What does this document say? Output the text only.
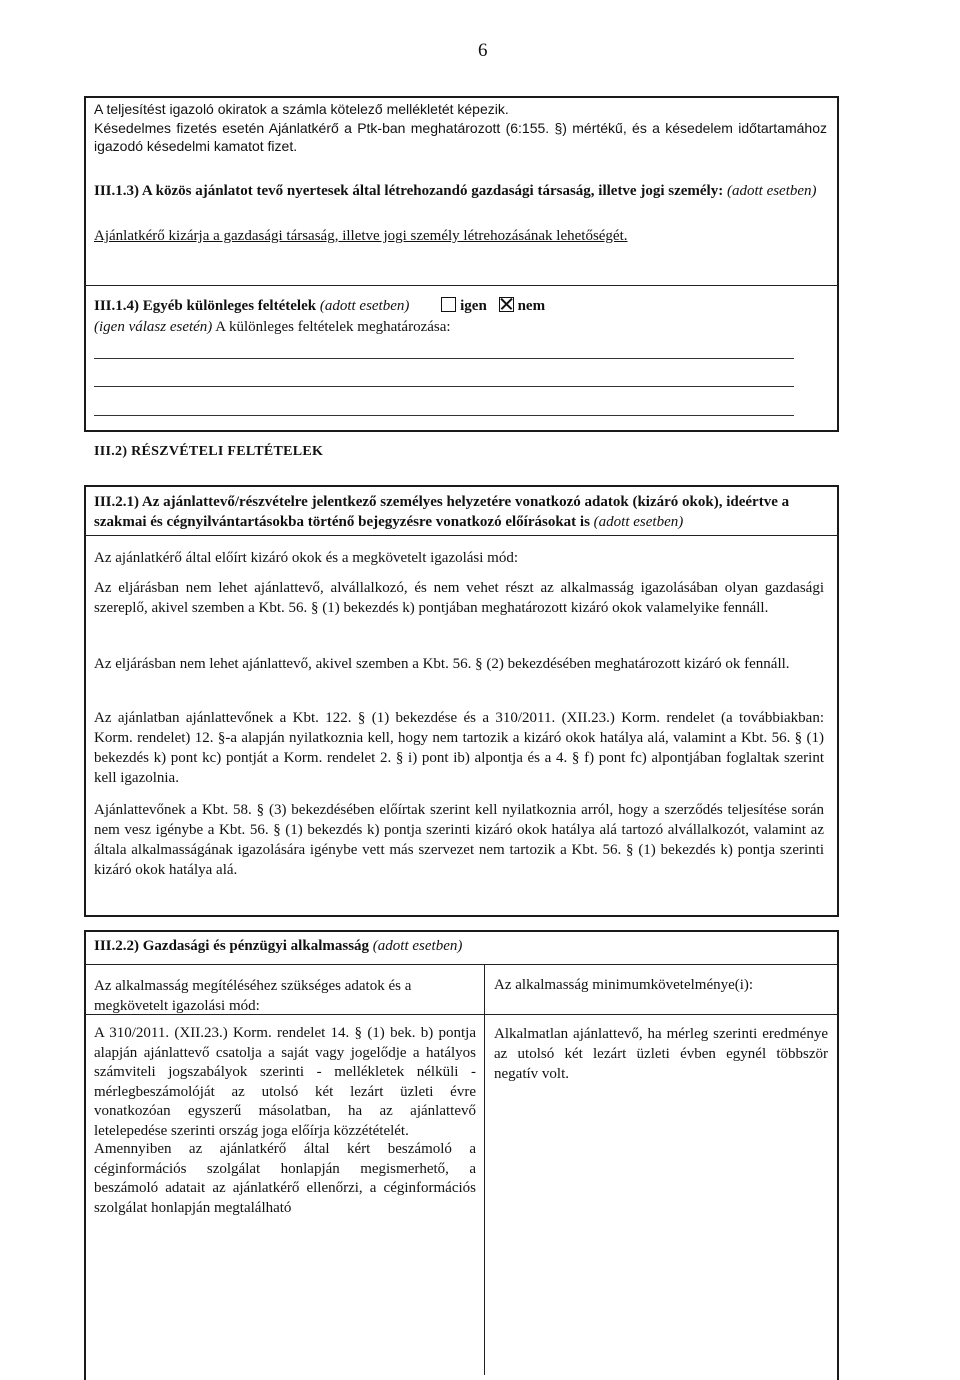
6
A teljesítést igazoló okiratok a számla kötelező mellékletét képezik.
Késedelmes fizetés esetén Ajánlatkérő a Ptk-ban meghatározott (6:155. §) mértékű, és a késedelem időtartamához igazodó késedelmi kamatot fizet.
III.1.3) A közös ajánlatot tevő nyertesek által létrehozandó gazdasági társaság, illetve jogi személy: (adott esetben)
Ajánlatkérő kizárja a gazdasági társaság, illetve jogi személy létrehozásának lehetőségét.
III.1.4) Egyéb különleges feltételek (adott esetben)	igen nem
(igen válasz esetén) A különleges feltételek meghatározása:
III.2) RÉSZVÉTELI FELTÉTELEK
III.2.1) Az ajánlattevő/részvételre jelentkező személyes helyzetére vonatkozó adatok (kizáró okok), ideértve a szakmai és cégnyilvántartásokba történő bejegyzésre vonatkozó előírásokat is (adott esetben)
Az ajánlatkérő által előírt kizáró okok és a megkövetelt igazolási mód:
Az eljárásban nem lehet ajánlattevő, alvállalkozó, és nem vehet részt az alkalmasság igazolásában olyan gazdasági szereplő, akivel szemben a Kbt. 56. § (1) bekezdés k) pontjában meghatározott kizáró okok valamelyike fennáll.
Az eljárásban nem lehet ajánlattevő, akivel szemben a Kbt. 56. § (2) bekezdésében meghatározott kizáró ok fennáll.
Az ajánlatban ajánlattevőnek a Kbt. 122. § (1) bekezdése és a 310/2011. (XII.23.) Korm. rendelet (a továbbiakban: Korm. rendelet) 12. §-a alapján nyilatkoznia kell, hogy nem tartozik a kizáró okok hatálya alá, valamint a Kbt. 56. § (1) bekezdés k) pont kc) pontját a Korm. rendelet 2. § i) pont ib) alpontja és a 4. § f) pont fc) alpontjában foglaltak szerint kell igazolnia.
Ajánlattevőnek a Kbt. 58. § (3) bekezdésében előírtak szerint kell nyilatkoznia arról, hogy a szerződés teljesítése során nem vesz igénybe a Kbt. 56. § (1) bekezdés k) pontja szerinti kizáró okok hatálya alá tartozó alvállalkozót, valamint az általa alkalmasságának igazolására igénybe vett más szervezet nem tartozik a Kbt. 56. § (1) bekezdés k) pontja szerinti kizáró okok hatálya alá.
III.2.2) Gazdasági és pénzügyi alkalmasság (adott esetben)
Az alkalmasság megítéléséhez szükséges adatok és a megkövetelt igazolási mód:
A 310/2011. (XII.23.) Korm. rendelet 14. § (1) bek. b) pontja alapján ajánlattevő csatolja a saját vagy jogelődje a hatályos számviteli jogszabályok szerinti - mellékletek nélküli - mérlegbeszámolóját az utolsó két lezárt üzleti évre vonatkozóan egyszerű másolatban, ha az ajánlattevő letelepedése szerinti ország joga előírja közzétételét.
Amennyiben az ajánlatkérő által kért beszámoló a céginformációs szolgálat honlapján megismerhető, a beszámoló adatait az ajánlatkérő ellenőrzi, a céginformációs szolgálat honlapján megtalálható
Az alkalmasság minimumkövetelménye(i):
Alkalmatlan ajánlattevő, ha mérleg szerinti eredménye az utolsó két lezárt üzleti évben egynél többször negatív volt.
